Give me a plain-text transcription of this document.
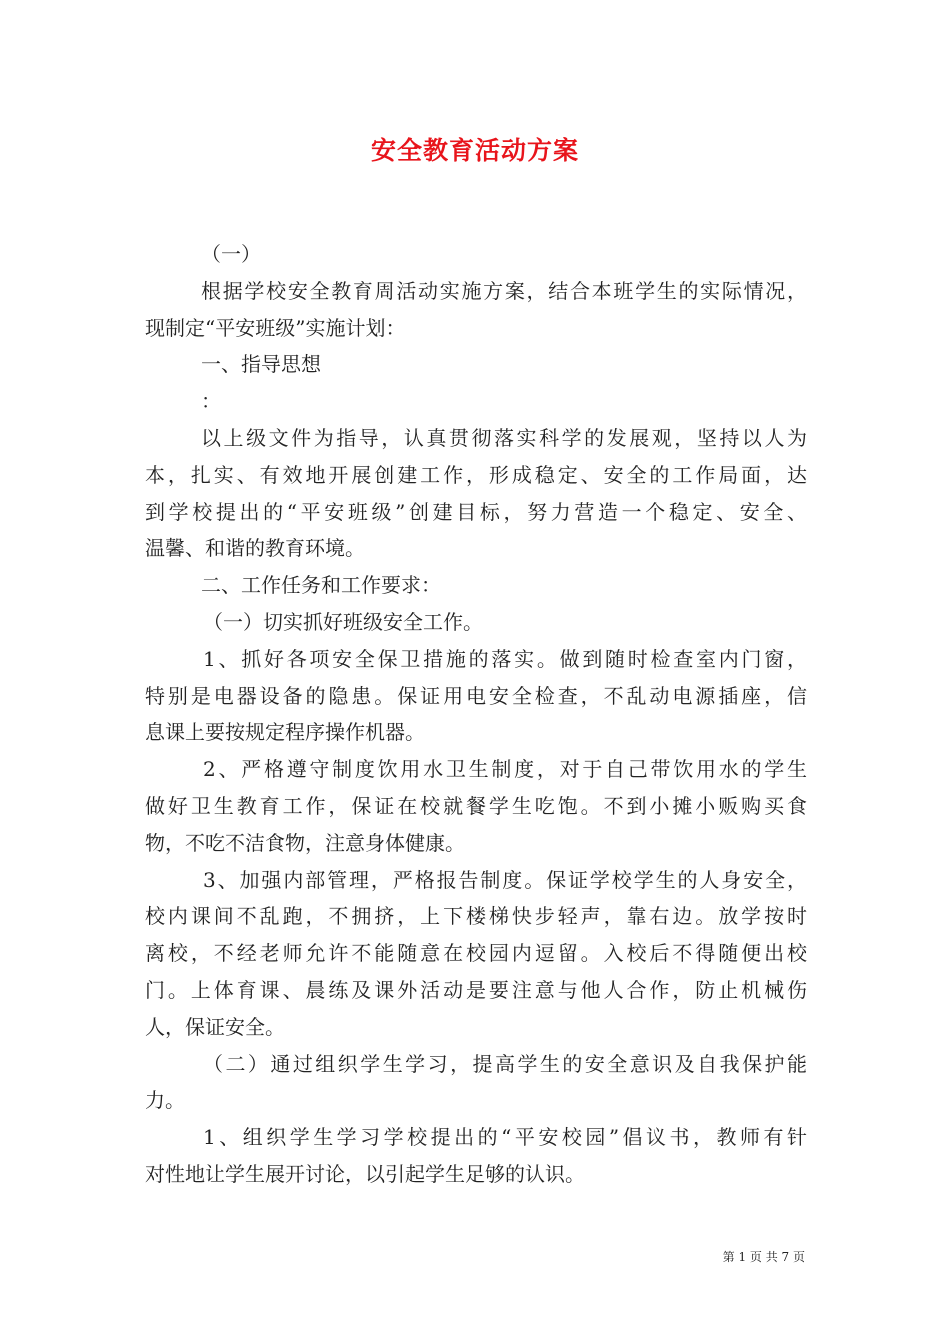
安全教育活动方案
（一）
根据学校安全教育周活动实施方案，结合本班学生的实际情况，
现制定“平安班级”实施计划：
一、指导思想
：
以上级文件为指导，认真贯彻落实科学的发展观，坚持以人为
本，扎实、有效地开展创建工作，形成稳定、安全的工作局面，达
到学校提出的“平安班级”创建目标，努力营造一个稳定、安全、
温馨、和谐的教育环境。
二、工作任务和工作要求：
（一）切实抓好班级安全工作。
1、抓好各项安全保卫措施的落实。做到随时检查室内门窗，
特别是电器设备的隐患。保证用电安全检查，不乱动电源插座，信
息课上要按规定程序操作机器。
2、严格遵守制度饮用水卫生制度，对于自己带饮用水的学生
做好卫生教育工作，保证在校就餐学生吃饱。不到小摊小贩购买食
物，不吃不洁食物，注意身体健康。
3、加强内部管理，严格报告制度。保证学校学生的人身安全，
校内课间不乱跑，不拥挤，上下楼梯快步轻声，靠右边。放学按时
离校，不经老师允许不能随意在校园内逗留。入校后不得随便出校
门。上体育课、晨练及课外活动是要注意与他人合作，防止机械伤
人，保证安全。
（二）通过组织学生学习，提高学生的安全意识及自我保护能
力。
1、组织学生学习学校提出的“平安校园”倡议书，教师有针
对性地让学生展开讨论，以引起学生足够的认识。
第 1 页 共 7 页
